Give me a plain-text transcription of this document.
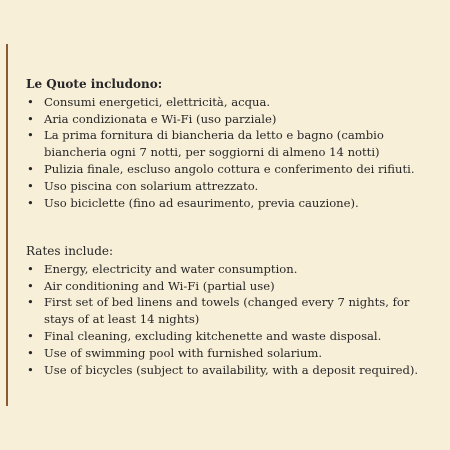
Le Quote includono:
• Consumi energetici, elettricità, acqua.
• Aria condizionata e Wi-Fi (uso parziale)
• La prima fornitura di biancheria da letto e bagno (cambio biancheria ogni 7 notti, per soggiorni di almeno 14 notti)
• Pulizia finale, escluso angolo cottura e conferimento dei rifiuti.
• Uso piscina con solarium attrezzato.
• Uso biciclette (fino ad esaurimento, previa cauzione).
Rates include:
• Energy, electricity and water consumption.
• Air conditioning and Wi-Fi (partial use)
• First set of bed linens and towels (changed every 7 nights, for stays of at least 14 nights)
• Final cleaning, excluding kitchenette and waste disposal.
• Use of swimming pool with furnished solarium.
• Use of bicycles (subject to availability, with a deposit required).
